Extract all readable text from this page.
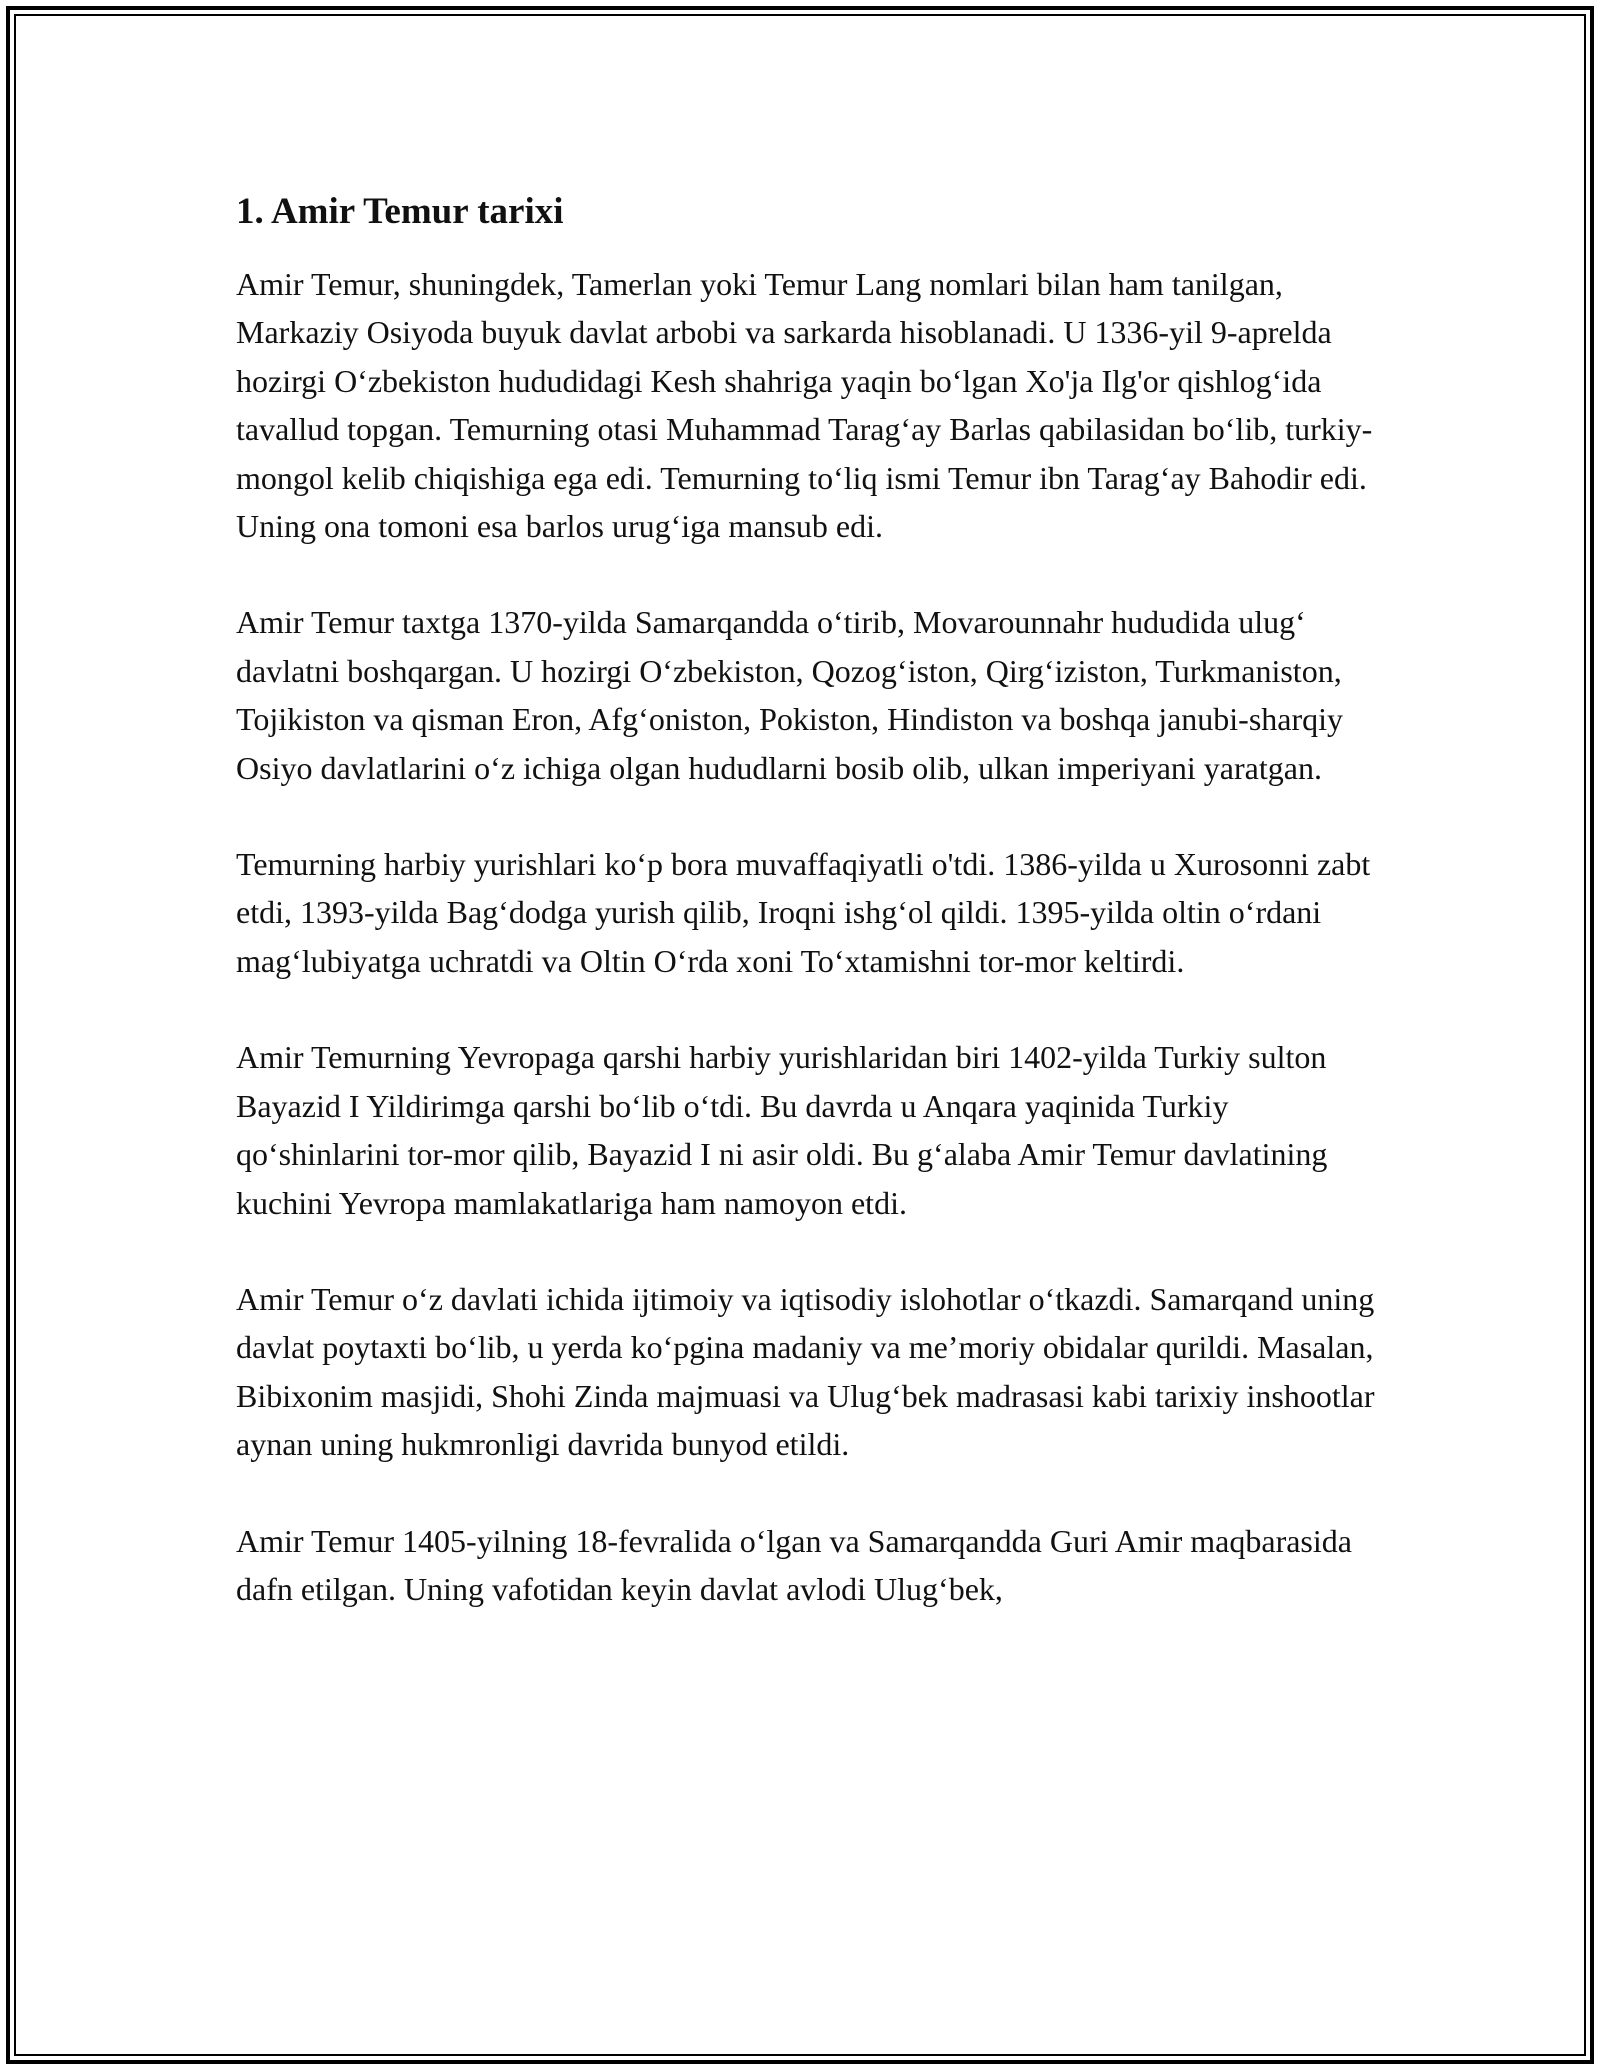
1. Amir Temur tarixi

Amir Temur, shuningdek, Tamerlan yoki Temur Lang nomlari bilan ham tanilgan, Markaziy Osiyoda buyuk davlat arbobi va sarkarda hisoblanadi. U 1336-yil 9-aprelda hozirgi O‘zbekiston hududidagi Kesh shahriga yaqin bo‘lgan Xo'ja Ilg'or qishlog‘ida tavallud topgan. Temurning otasi Muhammad Tarag‘ay Barlas qabilasidan bo‘lib, turkiy-mongol kelib chiqishiga ega edi. Temurning to‘liq ismi Temur ibn Tarag‘ay Bahodir edi. Uning ona tomoni esa barlos urug‘iga mansub edi.

Amir Temur taxtga 1370-yilda Samarqandda o‘tirib, Movarounnahr hududida ulug‘ davlatni boshqargan. U hozirgi O‘zbekiston, Qozog‘iston, Qirg‘iziston, Turkmaniston, Tojikiston va qisman Eron, Afg‘oniston, Pokiston, Hindiston va boshqa janubi-sharqiy Osiyo davlatlarini o‘z ichiga olgan hududlarni bosib olib, ulkan imperiyani yaratgan.

Temurning harbiy yurishlari ko‘p bora muvaffaqiyatli o'tdi. 1386-yilda u Xurosonni zabt etdi, 1393-yilda Bag‘dodga yurish qilib, Iroqni ishg‘ol qildi. 1395-yilda oltin o‘rdani mag‘lubiyatga uchratdi va Oltin O‘rda xoni To‘xtamishni tor-mor keltirdi.

Amir Temurning Yevropaga qarshi harbiy yurishlaridan biri 1402-yilda Turkiy sulton Bayazid I Yildirimga qarshi bo‘lib o‘tdi. Bu davrda u Anqara yaqinida Turkiy qo‘shinlarini tor-mor qilib, Bayazid I ni asir oldi. Bu g‘alaba Amir Temur davlatining kuchini Yevropa mamlakatlariga ham namoyon etdi.

Amir Temur o‘z davlati ichida ijtimoiy va iqtisodiy islohotlar o‘tkazdi. Samarqand uning davlat poytaxti bo‘lib, u yerda ko‘pgina madaniy va me’moriy obidalar qurildi. Masalan, Bibixonim masjidi, Shohi Zinda majmuasi va Ulug‘bek madrasasi kabi tarixiy inshootlar aynan uning hukmronligi davrida bunyod etildi.

Amir Temur 1405-yilning 18-fevralida o‘lgan va Samarqandda Guri Amir maqbarasida dafn etilgan. Uning vafotidan keyin davlat avlodi Ulug‘bek,
